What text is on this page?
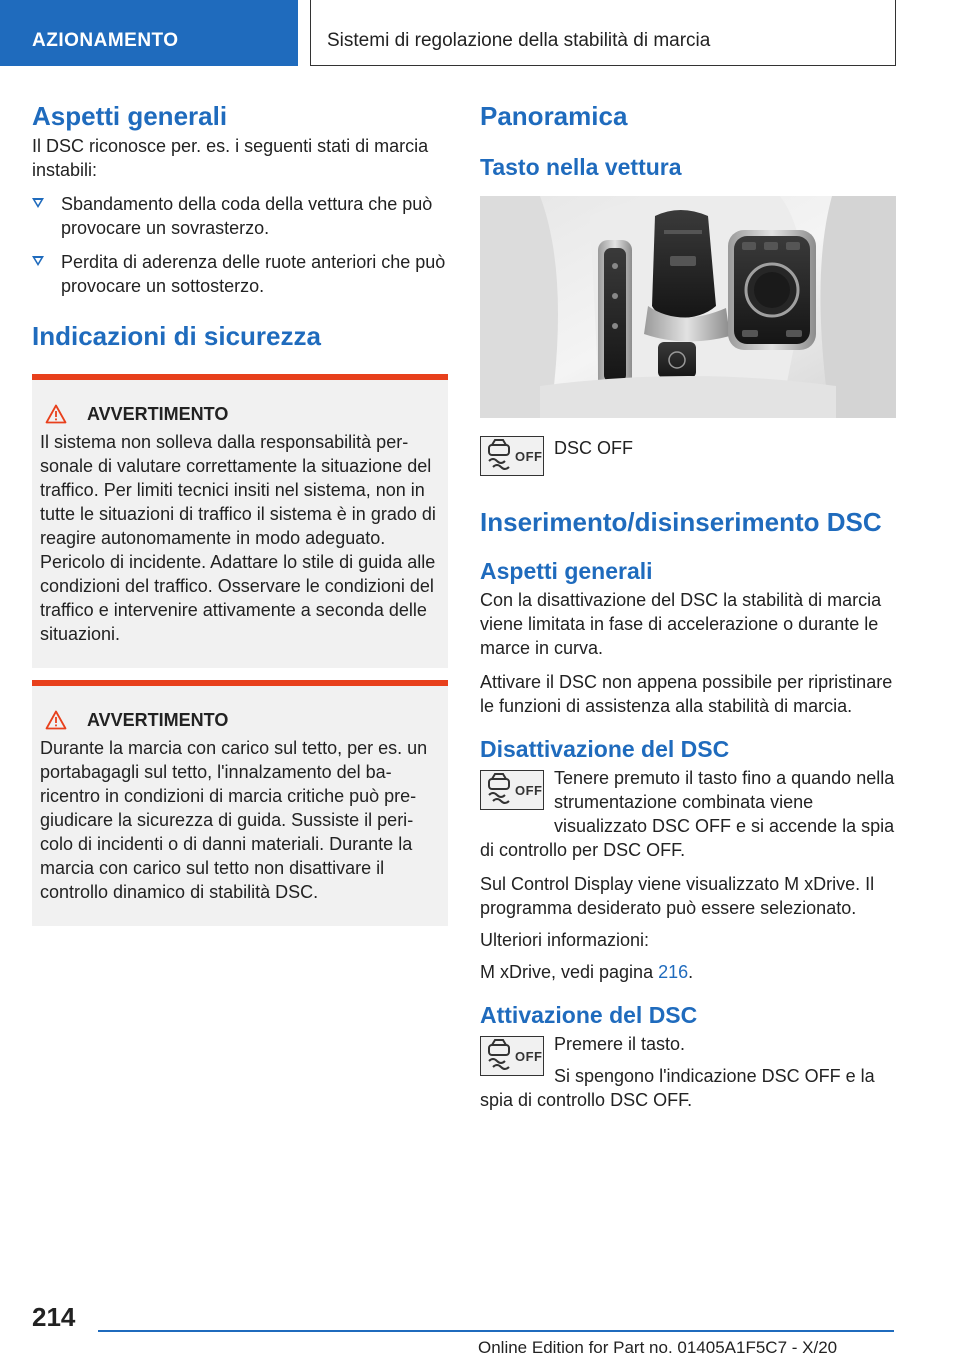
AZIONAMENTO	Sistemi di regolazione della stabilità di marcia
Aspetti generali

Il DSC riconosce per. es. i seguenti stati di marcia instabili:

Sbandamento della coda della vettura che può provocare un sovrasterzo.
Perdita di aderenza delle ruote anteriori che può provocare un sottosterzo.
Indicazioni di sicurezza
AVVERTIMENTO

Il sistema non solleva dalla responsabilità personale di valutare correttamente la situazione del traffico. Per limiti tecnici insiti nel sistema, non in tutte le situazioni di traffico il sistema è in grado di reagire autonomamente in modo adeguato. Pericolo di incidente. Adattare lo stile di guida alle condizioni del traffico. Osservare le condizioni del traffico e intervenire attivamente a seconda delle situazioni.

AVVERTIMENTO

Durante la marcia con carico sul tetto, per es. un portabagagli sul tetto, l'innalzamento del baricentro in condizioni di marcia critiche può pregiudicare la sicurezza di guida. Sussiste il pericolo di incidenti o di danni materiali. Durante la marcia con carico sul tetto non disattivare il controllo dinamico di stabilità DSC.

Panoramica
Tasto nella vettura
OFF DSC OFF
Inserimento/disinserimento DSC
Aspetti generali

Con la disattivazione del DSC la stabilità di marcia viene limitata in fase di accelerazione o durante le marce in curva.

Attivare il DSC non appena possibile per ripristinare le funzioni di assistenza alla stabilità di marcia.

Disattivazione del DSC
OFF

Tenere premuto il tasto fino a quando nella strumentazione combinata viene visualizzato DSC OFF e si accende la spia di controllo per DSC OFF.

Sul Control Display viene visualizzato M xDrive. Il programma desiderato può essere selezionato.

Ulteriori informazioni:

M xDrive, vedi pagina 216.

Attivazione del DSC
OFF

Premere il tasto.

Si spengono l'indicazione DSC OFF e la spia di controllo DSC OFF.

214
Online Edition for Part no. 01405A1F5C7 - X/20
